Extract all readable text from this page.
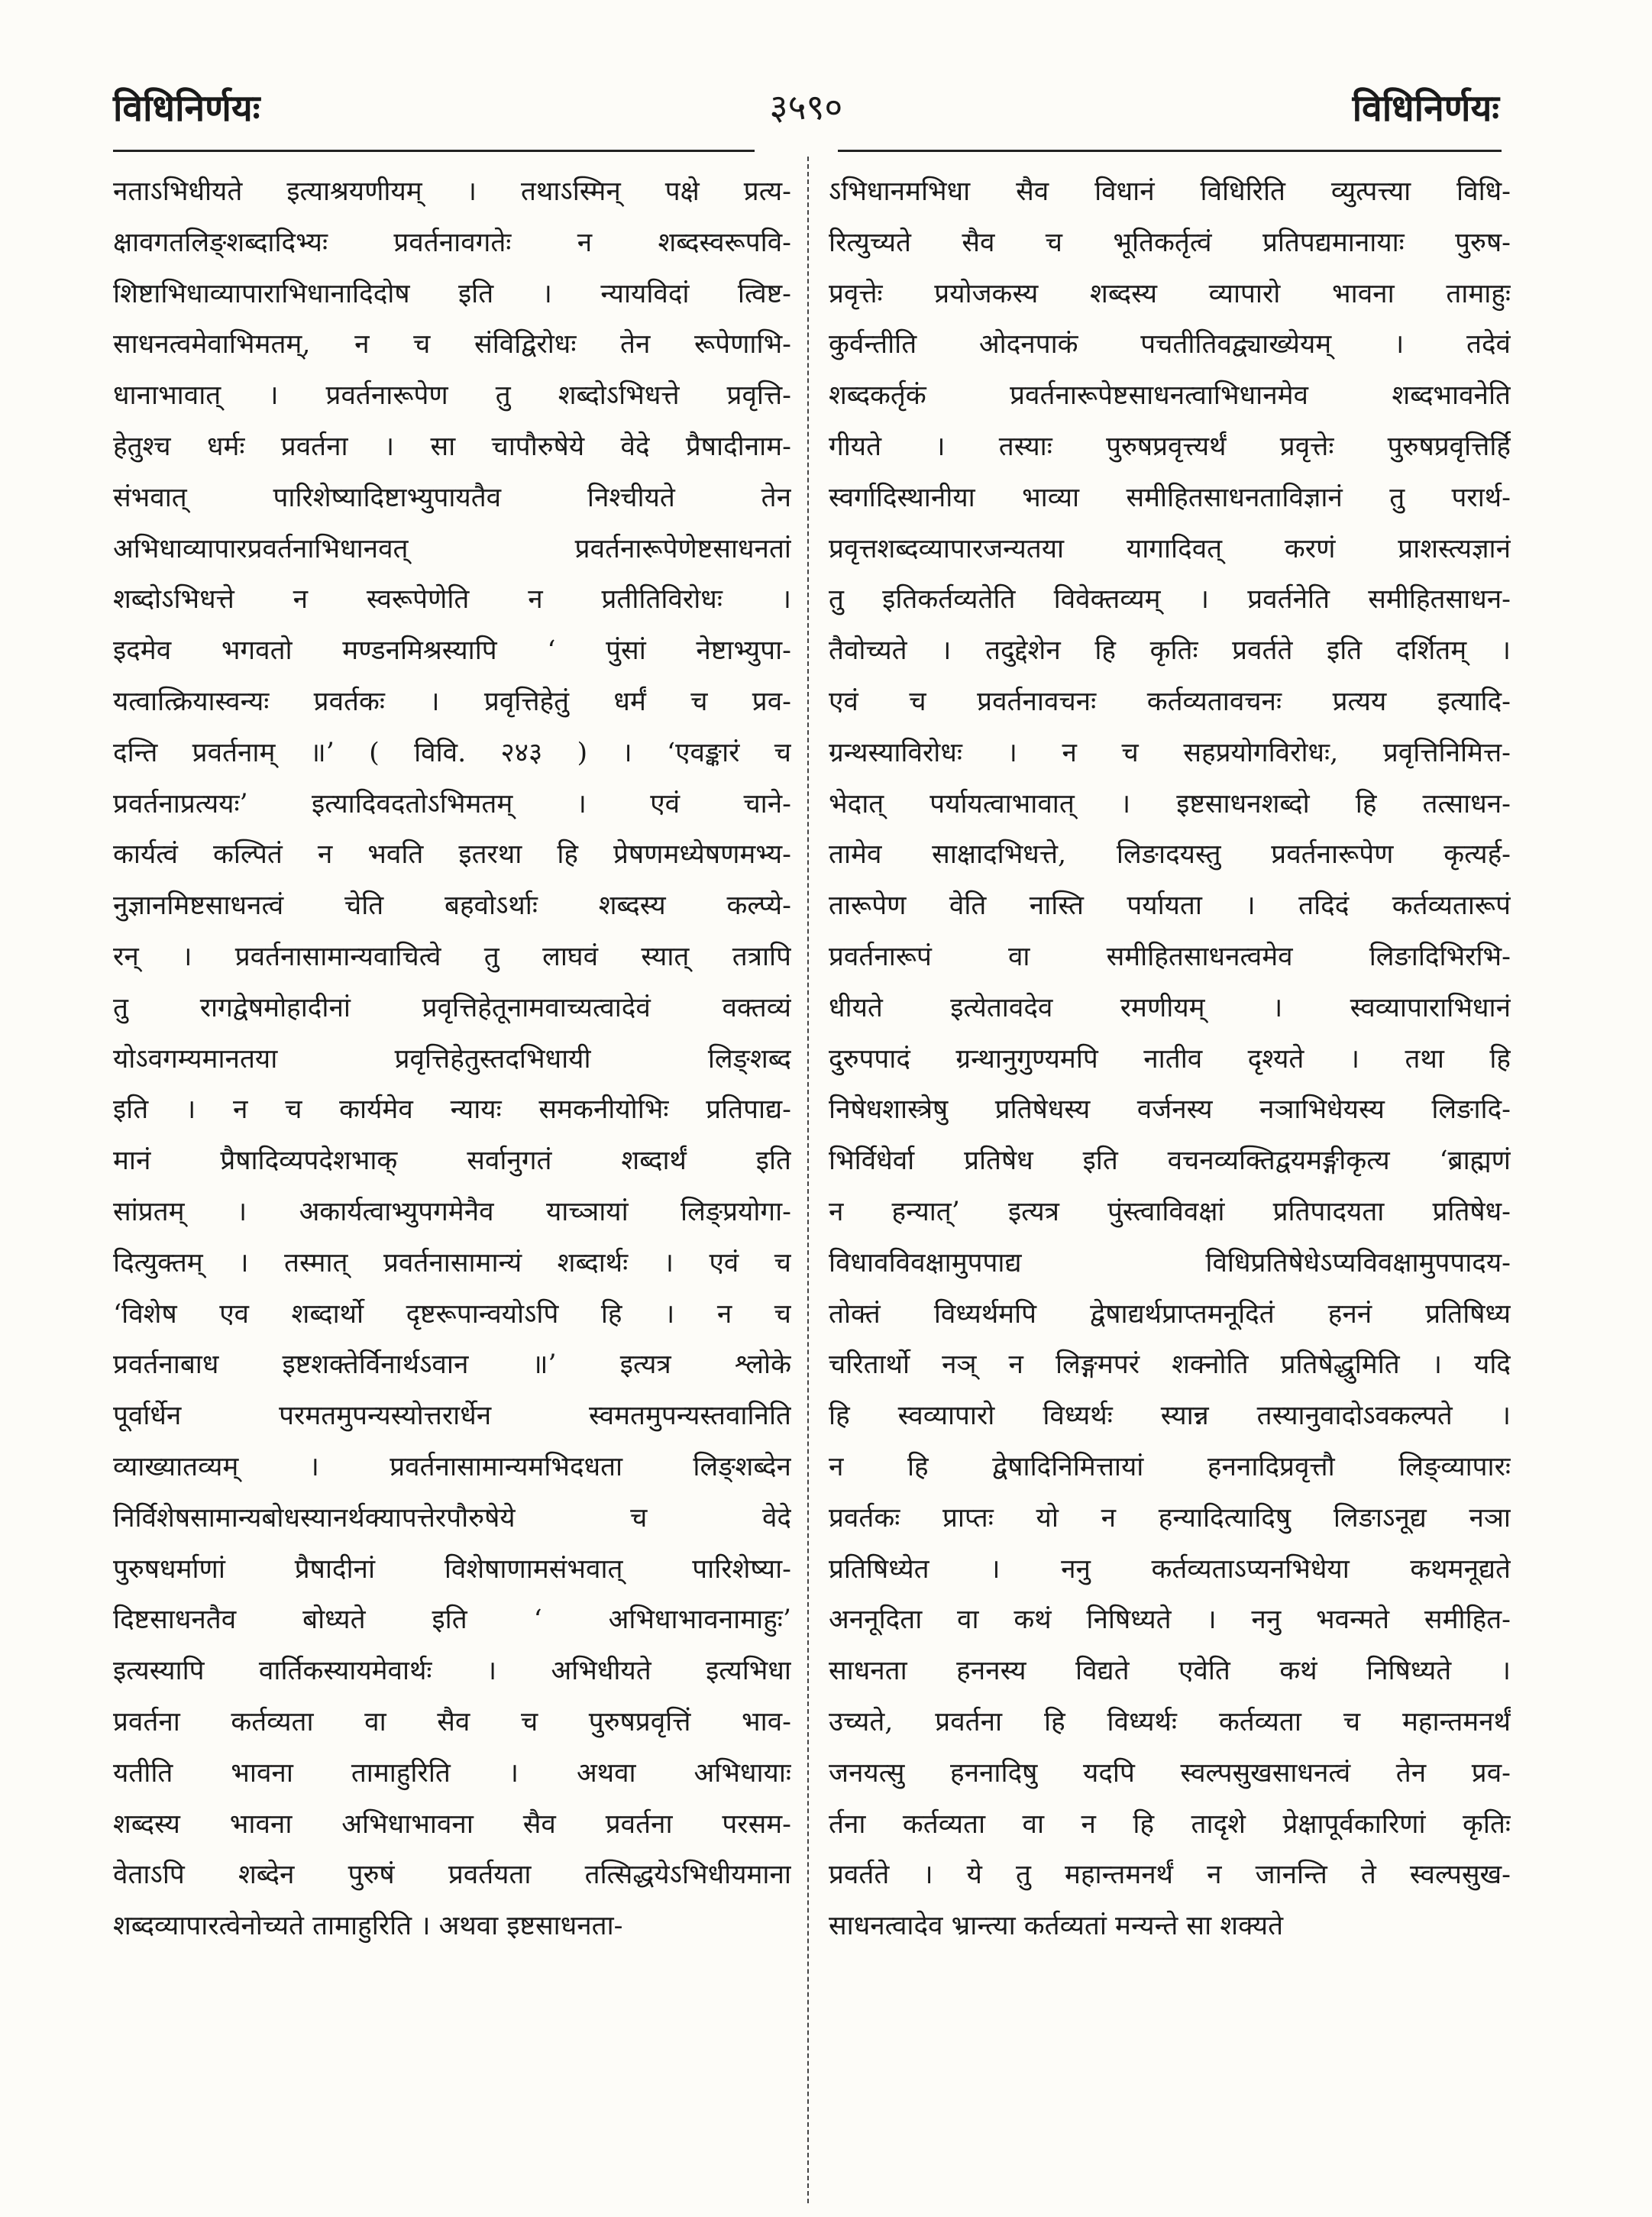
३५९०
विधिनिर्णयः	विधिनिर्णयः
नताऽभिधीयते इत्याश्रयणीयम् । तथाऽस्मिन् पक्षे प्रत्य-
क्षावगतलिङ्शब्दादिभ्यः प्रवर्तनावगतेः न शब्दस्वरूपवि-
शिष्टाभिधाव्यापाराभिधानादिदोष इति । न्यायविदां त्विष्ट-
साधनत्वमेवाभिमतम्, न च संविद्विरोधः तेन रूपेणाभि-
धानाभावात् । प्रवर्तनारूपेण तु शब्दोऽभिधत्ते प्रवृत्ति-
हेतुश्च धर्मः प्रवर्तना । सा चापौरुषेये वेदे प्रैषादीनाम-
संभवात् पारिशेष्यादिष्टाभ्युपायतैव निश्चीयते तेन
अभिधाव्यापारप्रवर्तनाभिधानवत् प्रवर्तनारूपेणेष्टसाधनतां
शब्दोऽभिधत्ते न स्वरूपेणेति न प्रतीतिविरोधः ।
इदमेव भगवतो मण्डनमिश्रस्यापि ‘ पुंसां नेष्टाभ्युपा-
यत्वात्क्रियास्वन्यः प्रवर्तकः । प्रवृत्तिहेतुं धर्मं च प्रव-
दन्ति प्रवर्तनाम् ॥’ ( विवि. २४३ ) । ‘एवङ्कारं च
प्रवर्तनाप्रत्ययः’ इत्यादिवदतोऽभिमतम् । एवं चाने-
कार्यत्वं कल्पितं न भवति इतरथा हि प्रेषणमध्येषणमभ्य-
नुज्ञानमिष्टसाधनत्वं चेति बहवोऽर्थाः शब्दस्य कल्प्ये-
रन् । प्रवर्तनासामान्यवाचित्वे तु लाघवं स्यात् तत्रापि
तु रागद्वेषमोहादीनां प्रवृत्तिहेतूनामवाच्यत्वादेवं वक्तव्यं
योऽवगम्यमानतया प्रवृत्तिहेतुस्तदभिधायी लिङ्शब्द
इति । न च कार्यमेव न्यायः समकनीयोभिः प्रतिपाद्य-
मानं प्रैषादिव्यपदेशभाक् सर्वानुगतं शब्दार्थं इति
सांप्रतम् । अकार्यत्वाभ्युपगमेनैव याच्ञायां लिङ्प्रयोगा-
दित्युक्तम् । तस्मात् प्रवर्तनासामान्यं शब्दार्थः । एवं च
‘विशेष एव शब्दार्थो दृष्टरूपान्वयोऽपि हि । न च
प्रवर्तनाबाध इष्टशक्तेर्विनार्थऽवान ॥’ इत्यत्र श्लोके
पूर्वार्धेन परमतमुपन्यस्योत्तरार्धेन स्वमतमुपन्यस्तवानिति
व्याख्यातव्यम् । प्रवर्तनासामान्यमभिदधता लिङ्शब्देन
निर्विशेषसामान्यबोधस्यानर्थक्यापत्तेरपौरुषेये च वेदे
पुरुषधर्माणां प्रैषादीनां विशेषाणामसंभवात् पारिशेष्या-
दिष्टसाधनतैव बोध्यते इति ‘ अभिधाभावनामाहुः’
इत्यस्यापि वार्तिकस्यायमेवार्थः । अभिधीयते इत्यभिधा
प्रवर्तना कर्तव्यता वा सैव च पुरुषप्रवृत्तिं भाव-
यतीति भावना तामाहुरिति । अथवा अभिधायाः
शब्दस्य भावना अभिधाभावना सैव प्रवर्तना परसम-
वेताऽपि शब्देन पुरुषं प्रवर्तयता तत्सिद्धयेऽभिधीयमाना
शब्दव्यापारत्वेनोच्यते तामाहुरिति । अथवा इष्टसाधनता-
ऽभिधानमभिधा सैव विधानं विधिरिति व्युत्पत्त्या विधि-
रित्युच्यते सैव च भूतिकर्तृत्वं प्रतिपद्यमानायाः पुरुष-
प्रवृत्तेः प्रयोजकस्य शब्दस्य व्यापारो भावना तामाहुः
कुर्वन्तीति ओदनपाकं पचतीतिवद्व्याख्येयम् । तदेवं
शब्दकर्तृकं प्रवर्तनारूपेष्टसाधनत्वाभिधानमेव शब्दभावनेति
गीयते । तस्याः पुरुषप्रवृत्त्यर्थं प्रवृत्तेः पुरुषप्रवृत्तिर्हि
स्वर्गादिस्थानीया भाव्या समीहितसाधनताविज्ञानं तु परार्थ-
प्रवृत्तशब्दव्यापारजन्यतया यागादिवत् करणं प्राशस्त्यज्ञानं
तु इतिकर्तव्यतेति विवेक्तव्यम् । प्रवर्तनेति समीहितसाधन-
तैवोच्यते । तदुद्देशेन हि कृतिः प्रवर्तते इति दर्शितम् ।
एवं च प्रवर्तनावचनः कर्तव्यतावचनः प्रत्यय इत्यादि-
ग्रन्थस्याविरोधः । न च सहप्रयोगविरोधः, प्रवृत्तिनिमित्त-
भेदात् पर्यायत्वाभावात् । इष्टसाधनशब्दो हि तत्साधन-
तामेव साक्षादभिधत्ते, लिङादयस्तु प्रवर्तनारूपेण कृत्यर्ह-
तारूपेण वेति नास्ति पर्यायता । तदिदं कर्तव्यतारूपं
प्रवर्तनारूपं वा समीहितसाधनत्वमेव लिङादिभिरभि-
धीयते इत्येतावदेव रमणीयम् । स्वव्यापाराभिधानं
दुरुपपादं ग्रन्थानुगुण्यमपि नातीव दृश्यते । तथा हि
निषेधशास्त्रेषु प्रतिषेधस्य वर्जनस्य नञाभिधेयस्य लिङादि-
भिर्विधेर्वा प्रतिषेध इति वचनव्यक्तिद्वयमङ्गीकृत्य ‘ब्राह्मणं
न हन्यात्’ इत्यत्र पुंस्त्वाविवक्षां प्रतिपादयता प्रतिषेध-
विधावविवक्षामुपपाद्य विधिप्रतिषेधेऽप्यविवक्षामुपपादय-
तोक्तं विध्यर्थमपि द्वेषाद्यर्थप्राप्तमनूदितं हननं प्रतिषिध्य
चरितार्थो नञ् न लिङ्गमपरं शक्नोति प्रतिषेद्धुमिति । यदि
हि स्वव्यापारो विध्यर्थः स्यान्न तस्यानुवादोऽवकल्पते ।
न हि द्वेषादिनिमित्तायां हननादिप्रवृत्तौ लिङ्व्यापारः
प्रवर्तकः प्राप्तः यो न हन्यादित्यादिषु लिङाऽनूद्य नञा
प्रतिषिध्येत । ननु कर्तव्यताऽप्यनभिधेया कथमनूद्यते
अननूदिता वा कथं निषिध्यते । ननु भवन्मते समीहित-
साधनता हननस्य विद्यते एवेति कथं निषिध्यते ।
उच्यते, प्रवर्तना हि विध्यर्थः कर्तव्यता च महान्तमनर्थं
जनयत्सु हननादिषु यदपि स्वल्पसुखसाधनत्वं तेन प्रव-
र्तना कर्तव्यता वा न हि तादृशे प्रेक्षापूर्वकारिणां कृतिः
प्रवर्तते । ये तु महान्तमनर्थं न जानन्ति ते स्वल्पसुख-
साधनत्वादेव भ्रान्त्या कर्तव्यतां मन्यन्ते सा शक्यते
